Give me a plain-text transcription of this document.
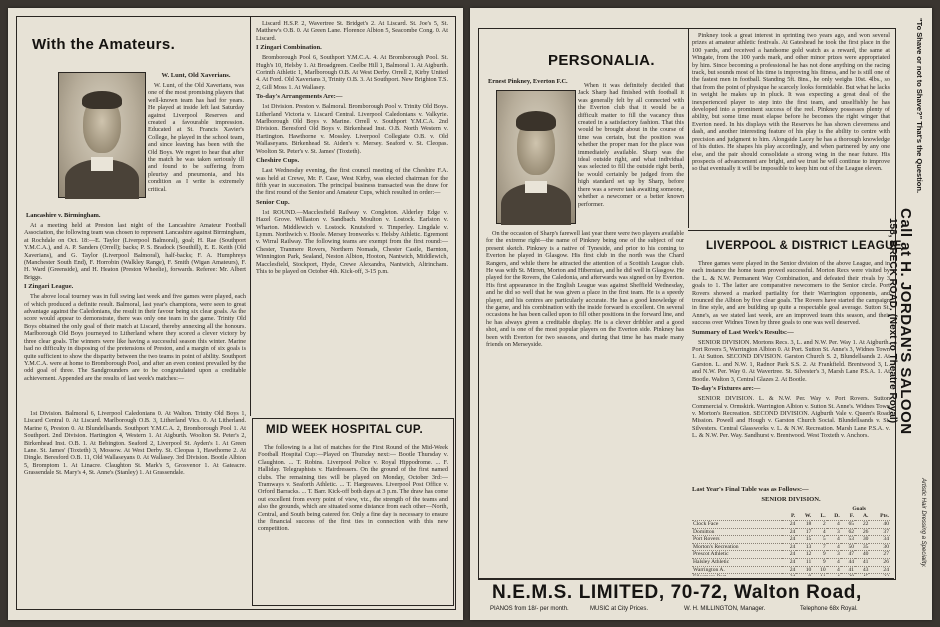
With the Amateurs.

W. Lunt, Old Xaverians.

W. Lunt, of the Old Xaverians, was one of the most promising players that well-known team has had for years. He played at inside left last Saturday against Liverpool Reserves and created a favourable impression. Educated at St. Francis Xavier's College, he played in the school team, and since leaving has been with the Old Boys. We regret to hear that after the match he was taken seriously ill and found to be suffering from pleurisy and pneumonia, and his condition as I write is extremely critical.

Lancashire v. Birmingham.

At a meeting held at Preston last night of the Lancashire Amateur Football Association, the following team was chosen to represent Lancashire against Birmingham, at Rochdale on Oct. 18:—E. Taylor (Liverpool Balmoral), goal; H. Rae (Southport Y.M.C.A.), and A. P. Sanders (Orrell); backs; P. S. Bradock (Southill), E. E. Keith (Old Xaverians), and G. Taylor (Liverpool Balmoral), half-backs; F. A. Humphreys (Manchester South End), F. Horrobin (Walkley Range), F. Smith (Wigan Amateurs), F. H. Ward (Greenside), and H. Heaton (Preston Wheelie), forwards. Referee: Mr. Albert Briggs.

I Zingari League.

The above local tourney was in full swing last week and five games were played, each of which produced a definite result. Balmoral, last year's champions, were seen to great advantage against the Caledonians, the result in their favour being six clear goals. As the score would appear to demonstrate, there was only one team in the game. Trinity Old Boys obtained the only goal of their match at Liscard, thereby annexing all the honours. Marlborough Old Boys journeyed to Litherland where they scored a clever victory by three clear goals. The winners were like having a successful season this winter. Marine had no difficulty in disposing of the pretensions of Preston, and a margin of six goals is quite sufficient to show the disparity between the two teams in point of ability. Southport Y.M.C.A. were at home to Bromborough Pool, and after an even contest prevailed by the odd goal of three. The Sandgrounders are to be congratulated upon a creditable achievement. Appended are the results of last week's matches:—

1st Division. Balmoral 6, Liverpool Caledonians 0. At Walton. Trinity Old Boys 1, Liscard Central 0. At Liscard. Marlborough O.B. 3, Litherland Vics. 0. At Litherland. Marine 6, Preston 0. At Blundellsands. Southport Y.M.C.A. 2, Bromborough Pool 1. At Southport. 2nd Division. Hartington 4, Western 1. At Aigburth. Woolton St. Peter's 2, Birkenhead Inst. O.B. 1. At Bebington. Seaford 2, Liverpool St. Ayden's 1. At Green Lane. St. James' (Toxteth) 3, Mossow. At West Derby. St. Cleopas 1, Hawthorne 2. At Dingle. Beresford O.B. 11, Old Wallaseyans 0. At Wallasey. 3rd Division. Bootle Albion 5, Bromptom 1. At Linacre. Claughton St. Mark's 5, Grosvenor 1. At Gateacre. Grassendale St. Mary's 4, St. Anne's (Stanley) 1. At Grassendale.

Liscard H.S.P. 2, Wavertree St. Bridget's 2. At Liscard. St. Joe's 5, St. Matthew's O.B. 0. At Green Lane. Florence Albion 5, Seacombe Cong. 0. At Liscard.

I Zingari Combination.

Bromborough Pool 6, Southport Y.M.C.A. 4. At Bromborough Pool. St. Hugh's 10, Helsby 1. At Broadgreen. Ceelbe Hill 1, Balmoral 1. At Aigburth. Corinth Athletic 1, Marlborough O.B. At West Derby. Orrell 2, Kirby United 4. At Ford. Old Xaverians 3, Trinity O.B. 3. At Southport. New Brighton T.S. 2, Gill Moss 1. At Wallasey.

To-day's Arrangements Are:—

1st Division. Preston v. Balmoral. Bromborough Pool v. Trinity Old Boys. Litherland Victoria v. Liscard Central. Liverpool Caledonians v. Valkyrie. Marlborough Old Boys v. Marine. Orrell v. Southport Y.M.C.A. 2nd Division. Beresford Old Boys v. Birkenhead Inst. O.B. North Western v. Hartington. Hawthorne v. Mossley. Liverpool Collegiate O.B. v. Old Wallaseyans. Birkenhead St. Aiden's v. Mersey. Seaford v. St. Cleopas. Woolton St. Peter's v. St. James' (Toxteth).

Cheshire Cups.

Last Wednesday evening, the first council meeting of the Cheshire F.A. was held at Crewe, Mr. F. Case, West Kirby, was elected chairman for the fifth year in succession. The principal business transacted was the draw for the first round of the Senior and Amateur Cups, which resulted in order:—

Senior Cup.

1st ROUND.—Macclesfield Railway v. Congleton. Alderley Edge v. Hazel Grove. Willaston v. Sandbach. Moulton v. Lostock. Earlston v. Wharton. Middlewich v. Lostock. Knutsford v. Timperley. Lingdale v. Lymm. Northwich v. Hoole. Mersey Ironworks v. Helsby Athletic. Egremont v. Wirral Railway. The following teams are exempt from the first round:—Chester, Tranmere Rovers, Northern Nomads, Chester Castle, Barnton, Winnington Park, Sealand, Neston Albion, Hooton, Nantwich, Middlewich, Macclesfield, Stockport, Hyde, Crewe Alexandra, Nantwich, Altrincham. This to be played on October 4th. Kick-off, 3-15 p.m.

MID WEEK HOSPITAL CUP.

The following is a list of matches for the First Round of the Mid-Week Football Hospital Cup:—Played on Thursday next:— Bootle Thursday v. Claughton. ... T. Robins. Liverpool Police v. Royal Hippodrome. ... F. Halliday. Telegraphists v. Hairdressers. On the ground of the first named clubs. The remaining ties will be played on Monday, October 3rd:— Tramways v. Seaforth Athletic. ... T. Hargreaves. Liverpool Post Office v. Orford Barracks. ... T. Barr. Kick-off both days at 3 p.m. The draw has come out excellent from every point of view, viz., the strength of the teams and also the grounds, which are situated some distance from each other—North, Central, and South being catered for. Only a fine day is necessary to ensure the financial success of the first ties in connection with this new competition.

PERSONALIA.
Ernest Pinkney, Everton F.C.

When it was definitely decided that Jack Sharp had finished with football it was generally felt by all connected with the Everton club that it would be a difficult matter to fill the vacancy thus created in a satisfactory fashion. That this would be brought about in the course of time was certain, but the position was whether the proper man for the place was immediately available. Sharp was the ideal outside right, and what individual was selected to fill the outside right berth, he would certainly be judged from the high standard set up by Sharp, before there was a severe task awaiting someone, whether a newcomer or a better known performer.

On the occasion of Sharp's farewell last year there were two players available for the extreme right—the name of Pinkney being one of the subject of our present sketch. Pinkney is a native of Tyneside, and prior to his coming to Everton he played in Glasgow. His first club in the north was the Chard Rangers, and while there he attracted the attention of a Scottish League club. He was with St. Mirren, Morton and Hibernian, and he did well in Glasgow. He played for the Rovers, the Caledonia, and afterwards was signed on by Everton. His first appearance in the English League was against Sheffield Wednesday, and he did so well that he was given a place in the first team. He is a speedy player, and his centres are particularly accurate. He has a good knowledge of the game, and his combination with the inside forward is excellent. On several occasions he has been called upon to fill other positions in the forward line, and he has always given a creditable display. He is a clever dribbler and a good shot, and is one of the most popular players on the Everton side. Pinkney has been with Everton for two seasons, and during that time he has made many friends on Merseyside.

Pinkney took a great interest in sprinting two years ago, and won several prizes at amateur athletic festivals. At Gateshead he took the first place in the 100 yards, and received a handsome gold watch as a reward, the same at Wingate, from the 100 yards mark, and other minor prizes were appropriated by him. Since becoming a professional he has not done anything on the racing track, but sounds most of his time is improving his fitness, and he is still one of the fastest men in football. Standing 5ft. 8ins., he only weighs 10st. 4lbs., so that from the point of physique he scarcely looks formidable. But what he lacks in weight he makes up in pluck. It was expecting a great deal of the inexperienced player to step into the first team, and unselfishly he has developed into a prominent success of the reel. Pinkney possesses plenty of ability, but some time must elapse before he becomes the right winger that Everton need. In his displays with the Reserves he has shown cleverness and dash, and another interesting feature of his play is the ability to centre with precision and judgment to him. Alongside Lacey he has a thorough knowledge of his duties. He shapes his play accordingly, and when partnered by any one else, and the pair should consolidate a strong wing in the near future. His prospects of advancement are bright, and we trust he will continue to improve so that eventually it will be impossible to keep him out of the League eleven.

LIVERPOOL & DISTRICT LEAGUE.

Three games were played in the Senior division of the above League, and in each instance the home team proved successful. Morton Recs were visited by the L. & N.W. Permanent Way Combination, and defeated their rivals by 3 goals to 1. The latter are comparative newcomers to the Senior circle. Port Rovers showed a marked partiality for their Warrington opponents, and trounced the Albion by five clear goals. The Rovers have started the campaign in fine style, and are building up quite a respectable goal average. Sutton St. Anne's, as we stated last week, are an improved team this season, and their success over Widnes Town by three goals to one was well deserved.

Summary of Last Week's Results:—

SENIOR DIVISION. Mortons Recs. 3, L. and N.W. Per. Way 1. At Aigburth. Port Rovers 5, Warrington Albion 0. At Port. Sutton St. Anne's 3, Widnes Town 1. At Sutton. SECOND DIVISION. Garston Church S. 2, Blundellsands 2. At Garston. L. and N.W. 1, Radnor Park S.S. 2. At Frankfield. Brentwood 3, L. and N.W. Per. Way 0. At Wavertree. St. Silvester's 3, Marsh Lane P.S.A. 1. At Bootle. Walton 3, Central Glazes 2. At Bootle.

To-day's Fixtures are:—

SENIOR DIVISION. L. & N.W. Per. Way v. Port Rovers. Sutton Commercial v. Ormskirk. Warrington Albion v. Sutton St. Anne's. Widnes Town v. Morton's Recreation. SECOND DIVISION. Aigburth Vale v. Queen's Road Mission. Powell and Hough v. Garston Church Social. Blundellsands v. St. Silvesters. Central Glassworks v. L. & N.W. Recreation. Marsh Lane P.S.A. v. L. & N.W. Per. Way. Sandhurst v. Brentwood. West Toxteth v. Anchors.

Last Year's Final Table was as Follows:—

SENIOR DIVISION.

Goals
	P.	W.	L.	D.	F.	A.	Pts.
Clock Face	24	18	2	4	65	22	40
Domitton	24	17	4	3	62	26	37
Port Rovers	24	15	5	4	53	30	34
Morton's Recreation	24	13	7	4	50	35	30
Prescot Athletic	24	12	9	3	47	40	27
Halsley Athletic	24	11	9	4	44	41	26
Warrington A.	24	10	10	4	41	43	24

N.E.M.S. LIMITED, 70-72, Walton Road,
PIANOS from 18/- per month.	MUSIC at City Prices.	W. H. MILLINGTON, Manager.	Telephone 68x Royal.
"To Shave or not to Shave?" That's the Question.
Call at H. JORDAN'S SALOON
158, BRECK ROAD. (Next to Theatre Royal)
Artistic Hair Dressing a Speciality.
